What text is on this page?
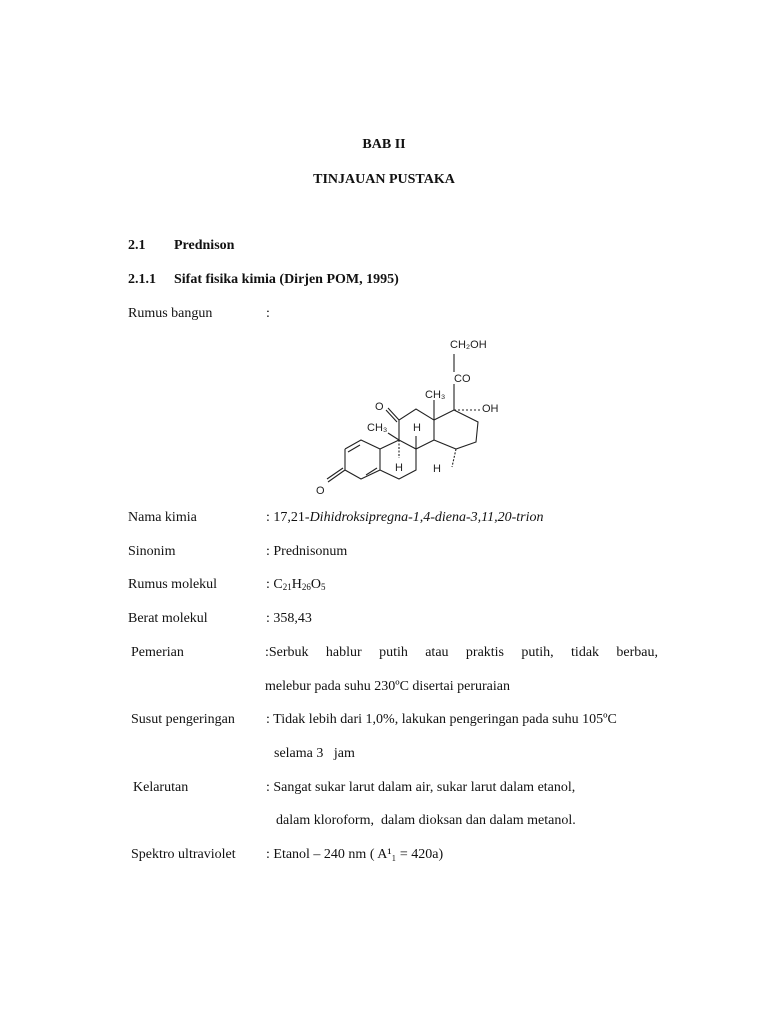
BAB II
TINJAUAN PUSTAKA
2.1 Prednison
2.1.1 Sifat fisika kimia (Dirjen POM, 1995)
Rumus bangun	:
CH₂OH
CO
CH₃
OH
O
CH₃ H
H	H
O
Nama kimia	: 17,21-Dihidroksipregna-1,4-diena-3,11,20-trion
Sinonim	: Prednisonum
Rumus molekul	: $C_{21}H_{26}O_5$
Berat molekul	: 358,43
Pemerian	:Serbuk hablur putih atau praktis putih, tidak berbau,
melebur pada suhu 230ºC disertai peruraian
Susut pengeringan : Tidak lebih dari 1,0%, lakukan pengeringan pada suhu 105ºC
selama 3   jam
Kelarutan	: Sangat sukar larut dalam air, sukar larut dalam etanol,
dalam kloroform,  dalam dioksan dan dalam metanol.
Spektro ultraviolet : Etanol – 240 nm ( A¹₁ = 420a)
